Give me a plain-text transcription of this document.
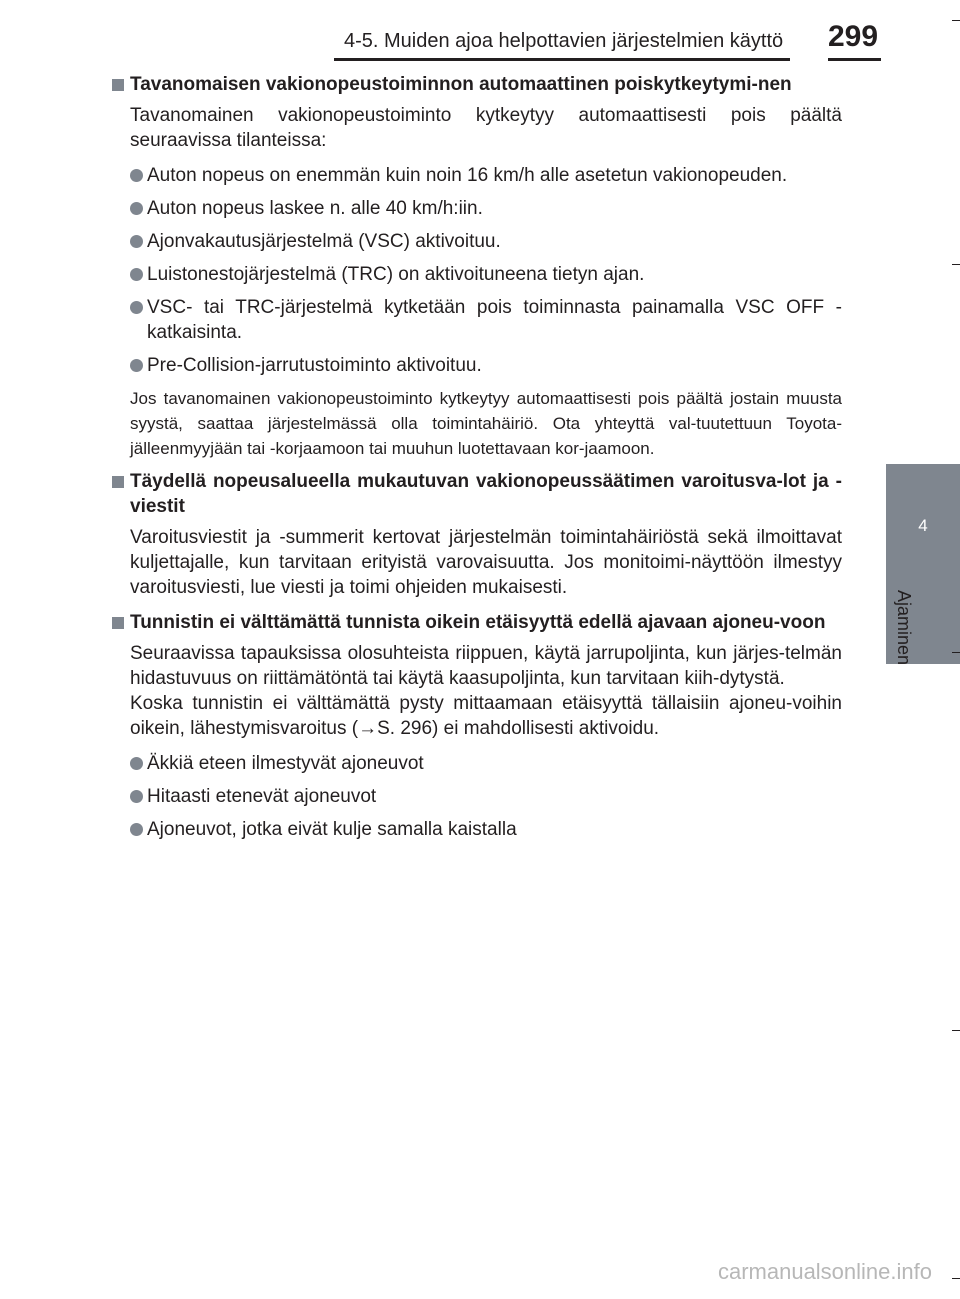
4-5. Muiden ajoa helpottavien järjestelmien käyttö 299
4
Ajaminen
Tavanomaisen vakionopeustoiminnon automaattinen poiskytkeytymi-nen
Tavanomainen vakionopeustoiminto kytkeytyy automaattisesti pois päältä seuraavissa tilanteissa:
Auton nopeus on enemmän kuin noin 16 km/h alle asetetun vakionopeuden.
Auton nopeus laskee n. alle 40 km/h:iin.
Ajonvakautusjärjestelmä (VSC) aktivoituu.
Luistonestojärjestelmä (TRC) on aktivoituneena tietyn ajan.
VSC- tai TRC-järjestelmä kytketään pois toiminnasta painamalla VSC OFF -katkaisinta.
Pre-Collision-jarrutustoiminto aktivoituu.
Jos tavanomainen vakionopeustoiminto kytkeytyy automaattisesti pois päältä jostain muusta syystä, saattaa järjestelmässä olla toimintahäiriö. Ota yhteyttä val-tuutettuun Toyota-jälleenmyyjään tai -korjaamoon tai muuhun luotettavaan kor-jaamoon.
Täydellä nopeusalueella mukautuvan vakionopeussäätimen varoitusva-lot ja -viestit
Varoitusviestit ja -summerit kertovat järjestelmän toimintahäiriöstä sekä ilmoittavat kuljettajalle, kun tarvitaan erityistä varovaisuutta. Jos monitoimi-näyttöön ilmestyy varoitusviesti, lue viesti ja toimi ohjeiden mukaisesti.
Tunnistin ei välttämättä tunnista oikein etäisyyttä edellä ajavaan ajoneu-voon
Seuraavissa tapauksissa olosuhteista riippuen, käytä jarrupoljinta, kun järjes-telmän hidastuvuus on riittämätöntä tai käytä kaasupoljinta, kun tarvitaan kiih-dytystä.
Koska tunnistin ei välttämättä pysty mittaamaan etäisyyttä tällaisiin ajoneu-voihin oikein, lähestymisvaroitus (→S. 296) ei mahdollisesti aktivoidu.
Äkkiä eteen ilmestyvät ajoneuvot
Hitaasti etenevät ajoneuvot
Ajoneuvot, jotka eivät kulje samalla kaistalla
carmanualsonline.info
